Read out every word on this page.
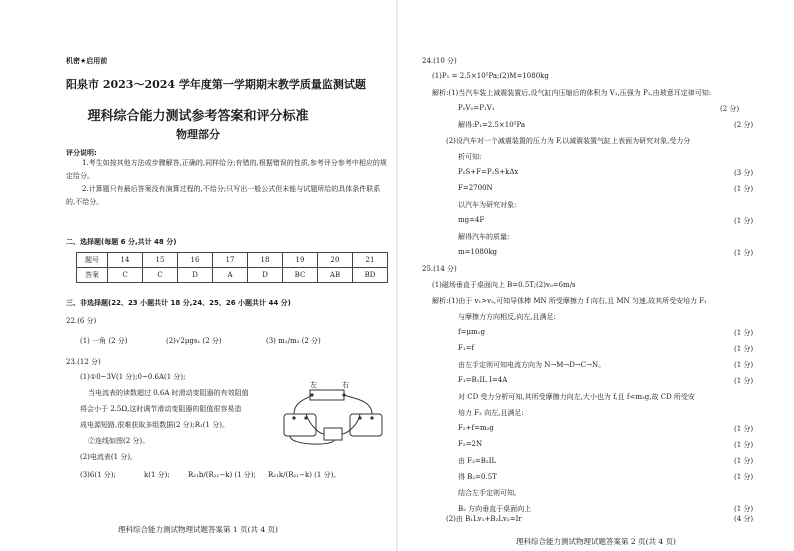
机密★启用前
阳泉市 2023～2024 学年度第一学期期末教学质量监测试题
理科综合能力测试参考答案和评分标准
物理部分
评分说明:
1.考生如按其他方法或步骤解答,正确的,同样给分;有错的,根据错误的性质,参考评分参考中相应的规定给分。
2.计算题只有最后答案没有演算过程的,不给分;只写出一般公式但未能与试题所给的具体条件联系的,不给分。
二、选择题(每题 6 分,共计 48 分)
题号	14	15	16	17	18	19	20	21
答案	C	C	D	A	D	BC	AB	BD
三、非选择题(22、23 小题共计 18 分,24、25、26 小题共计 44 分)
22.(6 分)
(1) 一角 (2 分)	(2)√2μgs₁ (2 分)	(3) m₁/m₂ (2 分)
23.(12 分)
(1)①0~3V(1 分);0~0.6A(1 分);
当电流表的读数超过 0.6A 时滑动变阻器的有效阻值
将会小于 2.5Ω,这时调节滑动变阻器的阻值很容易造
成电源短路,很难获取多组数据(2 分);R₁(1 分)。
②连线如图(2 分)。
(2)电流表(1 分)。
(3)6(1 分);	k(1 分);	R₂₁b/(R₂₁−k) (1 分); R₂₁k/(R₂₁−k) (1 分)。
左	右
理科综合能力测试物理试题答案第 1 页(共 4 页)
24.(10 分)
(1)P₁ = 2.5×10⁵Pa;(2)M=1080kg
解析:(1)当汽车装上减震装置后,设气缸内压缩后的体积为 V₁,压强为 P₁,由玻意耳定律可知:
P₀V₀=P₁V₁	(2 分)
解得:P₁=2.5×10⁵Pa	(2 分)
(2)设汽车对一个减震装置的压力为 F,以减震装置气缸上表面为研究对象,受力分
析可知:
P₀S+F=P₁S+kΔx	(3 分)
F=2700N	(1 分)
以汽车为研究对象:
mg=4F	(1 分)
解得汽车的质量:
m=1080kg	(1 分)
25.(14 分)
(1)磁场垂直于桌面向上 B=0.5T;(2)v₀=6m/s
解析:(1)由于 v₁>v₂,可知导体棒 MN 所受摩擦力 f 向右,且 MN 匀速,故其所受安培力 F₁
与摩擦力方向相反,向左,且满足:
f=μm₁g	(1 分)
F₁=f	(1 分)
由左手定则可知电流方向为 N→M→D→C→N。	(1 分)
F₁=B₁IL I=4A	(1 分)
对 CD 受力分析可知,其所受摩擦力向左,大小也为 f,且 f<m₂g,故 CD 所受安
培力 F₂ 向左,且满足:
F₂+f=m₂g	(1 分)
F₂=2N	(1 分)
由 F₂=B₂IL	(1 分)
得 B₂=0.5T	(1 分)
结合左手定则可知,
B₂ 方向垂直于桌面向上	(1 分)
(2)由 B₁Lv₁+B₂Lv₂=Ir	(4 分)
理科综合能力测试物理试题答案第 2 页(共 4 页)
